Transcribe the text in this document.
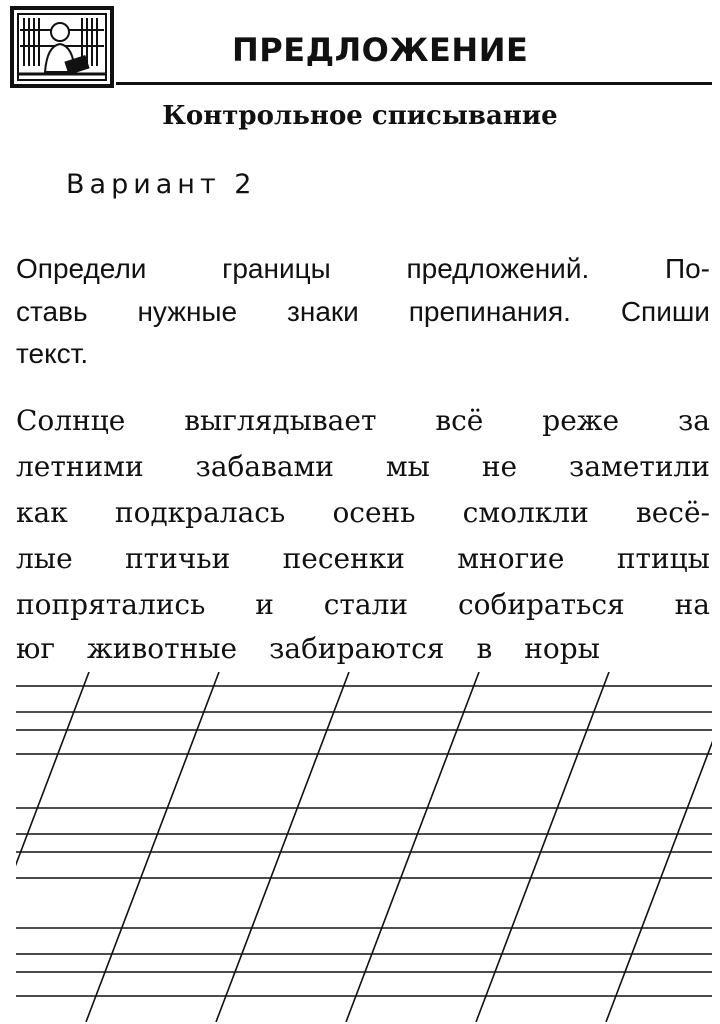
ПРЕДЛОЖЕНИЕ
Контрольное списывание
Вариант 2
Определи	границы	предложений.	По-
ставь нужные знаки препинания. Спиши
текст.
Солнце выглядывает всё реже за
летними забавами мы не заметили
как подкралась осень смолкли весё-
лые птичьи песенки многие птицы
попрятались и стали собираться на
юг животные забираются в норы
